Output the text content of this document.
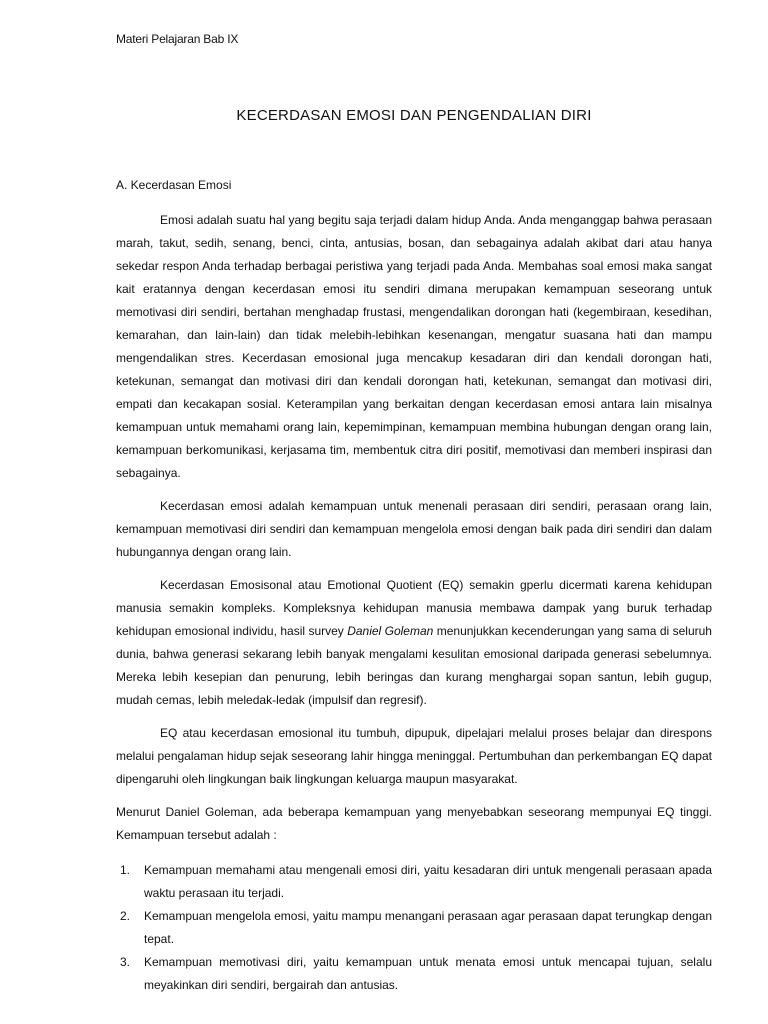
Materi Pelajaran Bab IX
KECERDASAN EMOSI DAN PENGENDALIAN DIRI
A. Kecerdasan Emosi

Emosi adalah suatu hal yang begitu saja terjadi dalam hidup Anda. Anda menganggap bahwa perasaan marah, takut, sedih, senang, benci, cinta, antusias, bosan, dan sebagainya adalah akibat dari atau hanya sekedar respon Anda terhadap berbagai peristiwa yang terjadi pada Anda. Membahas soal emosi maka sangat kait eratannya dengan kecerdasan emosi itu sendiri dimana merupakan kemampuan seseorang untuk memotivasi diri sendiri, bertahan menghadap frustasi, mengendalikan dorongan hati (kegembiraan, kesedihan, kemarahan, dan lain-lain) dan tidak melebih-lebihkan kesenangan, mengatur suasana hati dan mampu mengendalikan stres. Kecerdasan emosional juga mencakup kesadaran diri dan kendali dorongan hati, ketekunan, semangat dan motivasi diri dan kendali dorongan hati, ketekunan, semangat dan motivasi diri, empati dan kecakapan sosial. Keterampilan yang berkaitan dengan kecerdasan emosi antara lain misalnya kemampuan untuk memahami orang lain, kepemimpinan, kemampuan membina hubungan dengan orang lain, kemampuan berkomunikasi, kerjasama tim, membentuk citra diri positif, memotivasi dan memberi inspirasi dan sebagainya.

Kecerdasan emosi adalah kemampuan untuk menenali perasaan diri sendiri, perasaan orang lain, kemampuan memotivasi diri sendiri dan kemampuan mengelola emosi dengan baik pada diri sendiri dan dalam hubungannya dengan orang lain.

Kecerdasan Emosisonal atau Emotional Quotient (EQ) semakin gperlu dicermati karena kehidupan manusia semakin kompleks. Kompleksnya kehidupan manusia membawa dampak yang buruk terhadap kehidupan emosional individu, hasil survey Daniel Goleman menunjukkan kecenderungan yang sama di seluruh dunia, bahwa generasi sekarang lebih banyak mengalami kesulitan emosional daripada generasi sebelumnya. Mereka lebih kesepian dan penurung, lebih beringas dan kurang menghargai sopan santun, lebih gugup, mudah cemas, lebih meledak-ledak (impulsif dan regresif).

EQ atau kecerdasan emosional itu tumbuh, dipupuk, dipelajari melalui proses belajar dan direspons melalui pengalaman hidup sejak seseorang lahir hingga meninggal. Pertumbuhan dan perkembangan EQ dapat dipengaruhi oleh lingkungan baik lingkungan keluarga maupun masyarakat.

Menurut Daniel Goleman, ada beberapa kemampuan yang menyebabkan seseorang mempunyai EQ tinggi. Kemampuan tersebut adalah :

1. Kemampuan memahami atau mengenali emosi diri, yaitu kesadaran diri untuk mengenali perasaan apada waktu perasaan itu terjadi.
2. Kemampuan mengelola emosi, yaitu mampu menangani perasaan agar perasaan dapat terungkap dengan tepat.
3. Kemampuan memotivasi diri, yaitu kemampuan untuk menata emosi untuk mencapai tujuan, selalu meyakinkan diri sendiri, bergairah dan antusias.
